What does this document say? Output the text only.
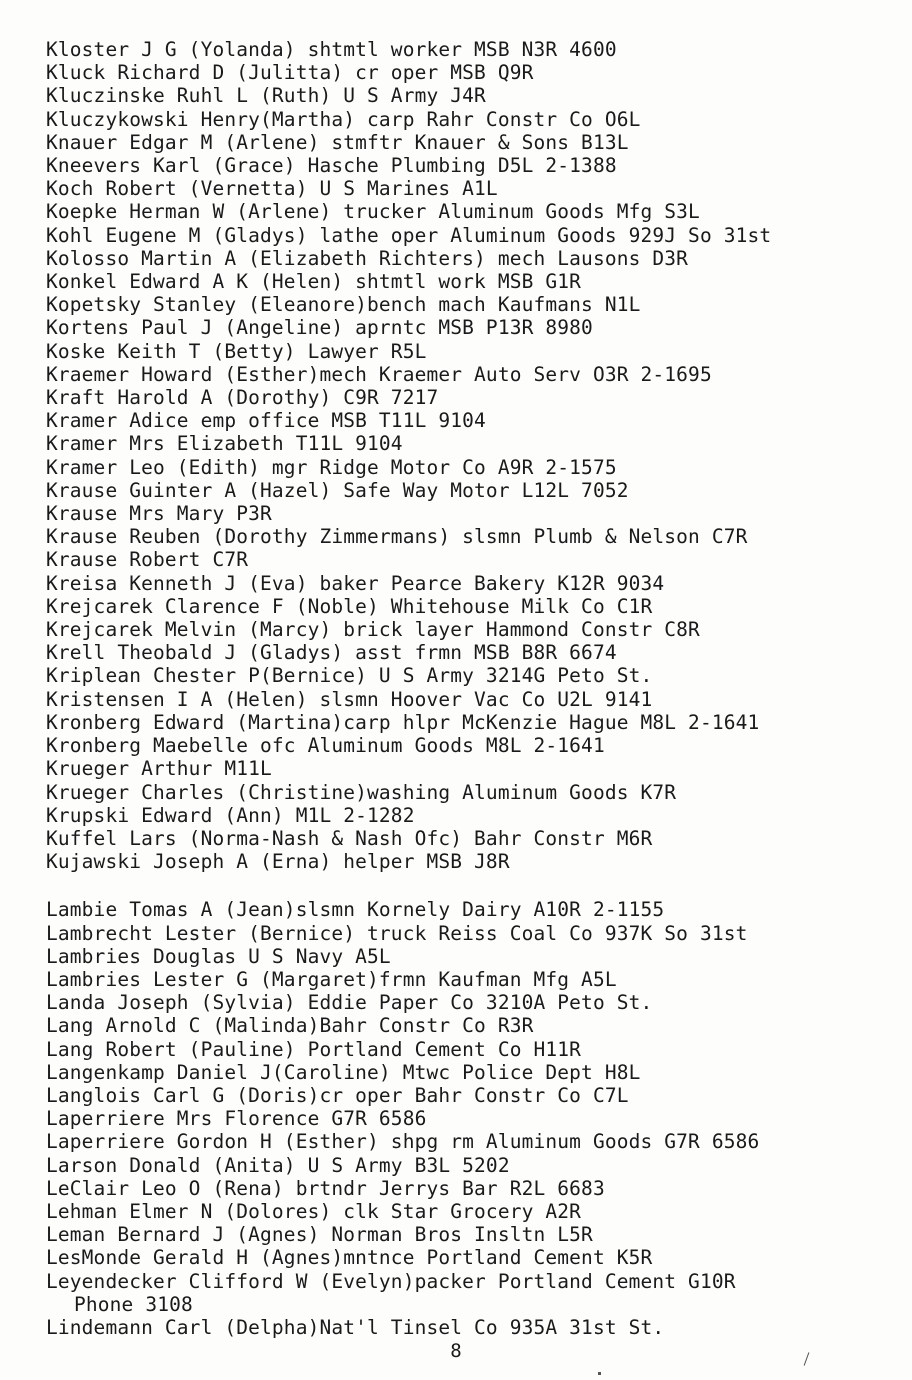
Kloster J G (Yolanda) shtmtl worker MSB N3R 4600
Kluck Richard D (Julitta) cr oper MSB Q9R
Kluczinske Ruhl L (Ruth) U S Army J4R
Kluczykowski Henry(Martha) carp Rahr Constr Co O6L
Knauer Edgar M (Arlene) stmftr Knauer & Sons B13L
Kneevers Karl (Grace) Hasche Plumbing D5L 2-1388
Koch Robert (Vernetta) U S Marines A1L
Koepke Herman W (Arlene) trucker Aluminum Goods Mfg S3L
Kohl Eugene M (Gladys) lathe oper Aluminum Goods 929J So 31st
Kolosso Martin A (Elizabeth Richters) mech Lausons D3R
Konkel Edward A K (Helen) shtmtl work MSB G1R
Kopetsky Stanley (Eleanore)bench mach Kaufmans N1L
Kortens Paul J (Angeline) aprntc MSB P13R 8980
Koske Keith T (Betty) Lawyer R5L
Kraemer Howard (Esther)mech Kraemer Auto Serv O3R 2-1695
Kraft Harold A (Dorothy) C9R 7217
Kramer Adice emp office MSB T11L 9104
Kramer Mrs Elizabeth T11L 9104
Kramer Leo (Edith) mgr Ridge Motor Co A9R 2-1575
Krause Guinter A (Hazel) Safe Way Motor L12L 7052
Krause Mrs Mary P3R
Krause Reuben (Dorothy Zimmermans) slsmn Plumb & Nelson C7R
Krause Robert C7R
Kreisa Kenneth J (Eva) baker Pearce Bakery K12R 9034
Krejcarek Clarence F (Noble) Whitehouse Milk Co C1R
Krejcarek Melvin (Marcy) brick layer Hammond Constr C8R
Krell Theobald J (Gladys) asst frmn MSB B8R 6674
Kriplean Chester P(Bernice) U S Army 3214G Peto St.
Kristensen I A (Helen) slsmn Hoover Vac Co U2L 9141
Kronberg Edward (Martina)carp hlpr McKenzie Hague M8L 2-1641
Kronberg Maebelle ofc Aluminum Goods M8L 2-1641
Krueger Arthur M11L
Krueger Charles (Christine)washing Aluminum Goods K7R
Krupski Edward (Ann) M1L 2-1282
Kuffel Lars (Norma-Nash & Nash Ofc) Bahr Constr M6R
Kujawski Joseph A (Erna) helper MSB J8R
Lambie Tomas A (Jean)slsmn Kornely Dairy A10R 2-1155
Lambrecht Lester (Bernice) truck Reiss Coal Co 937K So 31st
Lambries Douglas U S Navy A5L
Lambries Lester G (Margaret)frmn Kaufman Mfg A5L
Landa Joseph (Sylvia) Eddie Paper Co 3210A Peto St.
Lang Arnold C (Malinda)Bahr Constr Co R3R
Lang Robert (Pauline) Portland Cement Co H11R
Langenkamp Daniel J(Caroline) Mtwc Police Dept H8L
Langlois Carl G (Doris)cr oper Bahr Constr Co C7L
Laperriere Mrs Florence G7R 6586
Laperriere Gordon H (Esther) shpg rm Aluminum Goods G7R 6586
Larson Donald (Anita) U S Army B3L 5202
LeClair Leo O (Rena) brtndr Jerrys Bar R2L 6683
Lehman Elmer N (Dolores) clk Star Grocery A2R
Leman Bernard J (Agnes) Norman Bros Insltn L5R
LesMonde Gerald H (Agnes)mntnce Portland Cement K5R
Leyendecker Clifford W (Evelyn)packer Portland Cement G10R
Phone 3108
Lindemann Carl (Delpha)Nat'l Tinsel Co 935A 31st St.
8
